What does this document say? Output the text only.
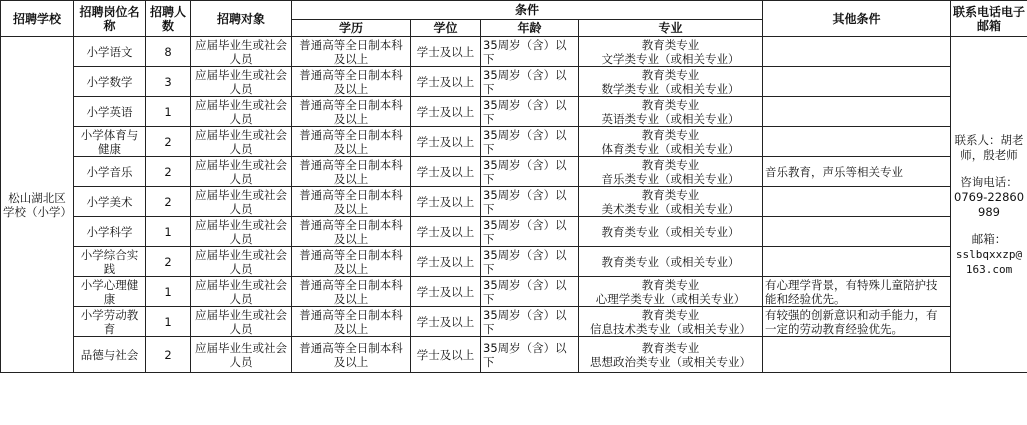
招聘学校	招聘岗位名称	招聘人数	招聘对象	条件				其他条件	联系电话电子邮箱
				学历	学位	年龄	专业		
松山湖北区学校（小学）	小学语文	8	应届毕业生或社会人员	普通高等全日制本科及以上	学士及以上	35周岁（含）以下	教育类专业
文学类专业（或相关专业）		联系人：胡老师，殷老师
咨询电话：
0769-22860989
邮箱：
sslbqxxzp@163.com

	小学数学	3	应届毕业生或社会人员	普通高等全日制本科及以上	学士及以上	35周岁（含）以下	教育类专业
数学类专业（或相关专业）		

	小学英语	1	应届毕业生或社会人员	普通高等全日制本科及以上	学士及以上	35周岁（含）以下	教育类专业
英语类专业（或相关专业）		

	小学体育与健康	2	应届毕业生或社会人员	普通高等全日制本科及以上	学士及以上	35周岁（含）以下	教育类专业
体育类专业（或相关专业）		

	小学音乐	2	应届毕业生或社会人员	普通高等全日制本科及以上	学士及以上	35周岁（含）以下	教育类专业
音乐类专业（或相关专业）	音乐教育，声乐等相关专业	
	小学美术	2	应届毕业生或社会人员	普通高等全日制本科及以上	学士及以上	35周岁（含）以下	教育类专业
美术类专业（或相关专业）		

	小学科学	1	应届毕业生或社会人员	普通高等全日制本科及以上	学士及以上	35周岁（含）以下	教育类专业（或相关专业）		

	小学综合实践	2	应届毕业生或社会人员	普通高等全日制本科及以上	学士及以上	35周岁（含）以下	教育类专业（或相关专业）		

	小学心理健康	1	应届毕业生或社会人员	普通高等全日制本科及以上	学士及以上	35周岁（含）以下	教育类专业
心理学类专业（或相关专业）	有心理学背景，有特殊儿童陪护技能和经验优先。	
	小学劳动教育	1	应届毕业生或社会人员	普通高等全日制本科及以上	学士及以上	35周岁（含）以下	教育类专业
信息技术类专业（或相关专业）	有较强的创新意识和动手能力，有一定的劳动教育经验优先。	
	品德与社会	2	应届毕业生或社会人员	普通高等全日制本科及以上	学士及以上	35周岁（含）以下	教育类专业
思想政治类专业（或相关专业）		
